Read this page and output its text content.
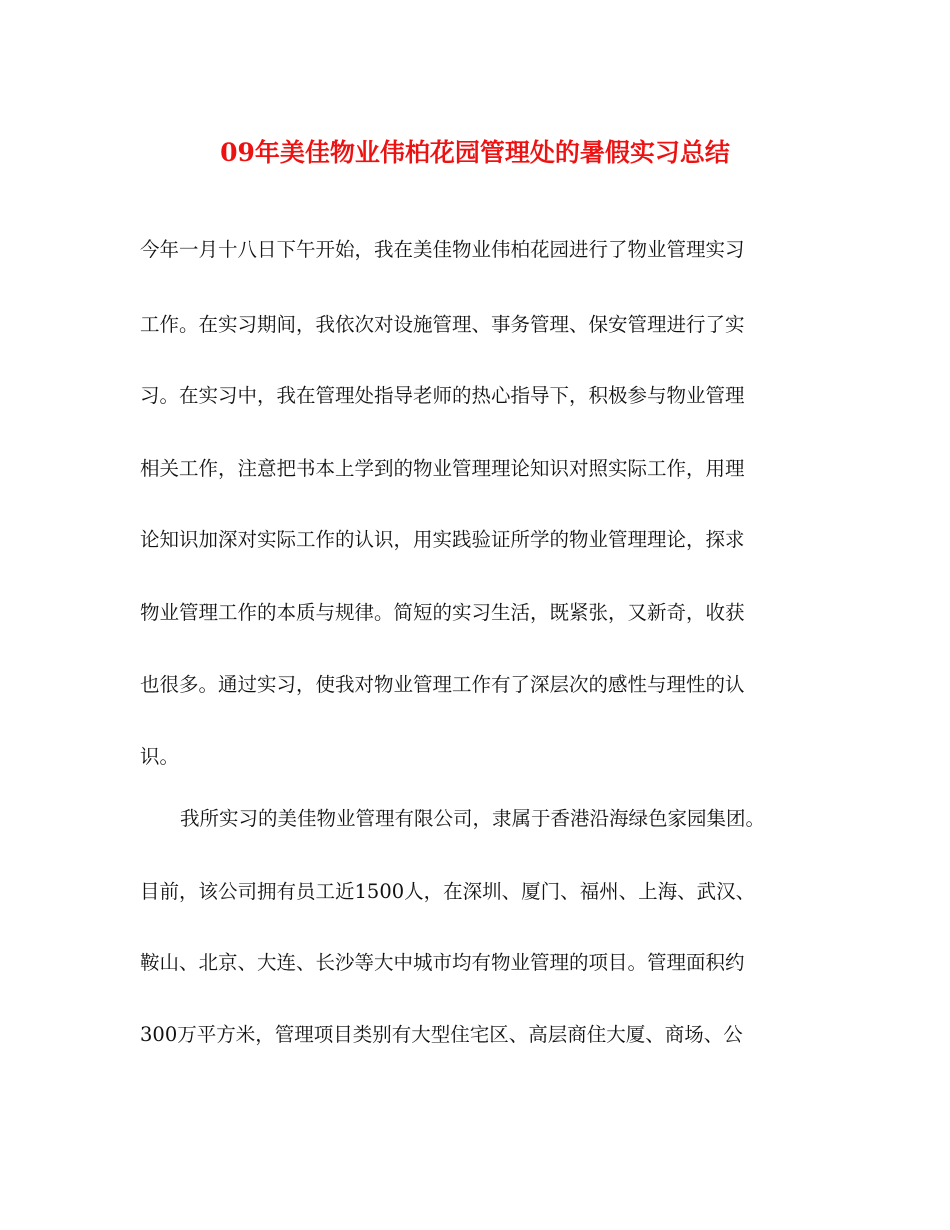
09年美佳物业伟柏花园管理处的暑假实习总结

今年一月十八日下午开始，我在美佳物业伟柏花园进行了物业管理实习

工作。在实习期间，我依次对设施管理、事务管理、保安管理进行了实

习。在实习中，我在管理处指导老师的热心指导下，积极参与物业管理

相关工作，注意把书本上学到的物业管理理论知识对照实际工作，用理

论知识加深对实际工作的认识，用实践验证所学的物业管理理论，探求

物业管理工作的本质与规律。简短的实习生活，既紧张，又新奇，收获

也很多。通过实习，使我对物业管理工作有了深层次的感性与理性的认

识。

我所实习的美佳物业管理有限公司，隶属于香港沿海绿色家园集团。

目前，该公司拥有员工近1500人，在深圳、厦门、福州、上海、武汉、

鞍山、北京、大连、长沙等大中城市均有物业管理的项目。管理面积约

300万平方米，管理项目类别有大型住宅区、高层商住大厦、商场、公
